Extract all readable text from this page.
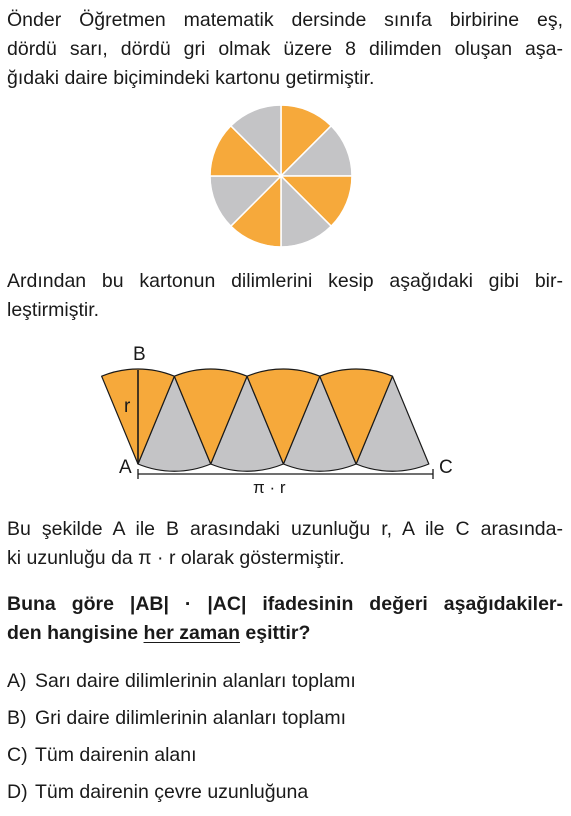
Önder Öğretmen matematik dersinde sınıfa birbirine eş,
dördü sarı, dördü gri olmak üzere 8 dilimden oluşan aşa-
ğıdaki daire biçimindeki kartonu getirmiştir.

Ardından bu kartonun dilimlerini kesip aşağıdaki gibi bir-
leştirmiştir.

B
A	C
r
π · r

Bu şekilde A ile B arasındaki uzunluğu r, A ile C arasında-
ki uzunluğu da π · r olarak göstermiştir.

Buna göre |AB| · |AC| ifadesinin değeri aşağıdakiler-
den hangisine her zaman eşittir?

A) Sarı daire dilimlerinin alanları toplamı
B) Gri daire dilimlerinin alanları toplamı
C) Tüm dairenin alanı
D) Tüm dairenin çevre uzunluğuna
